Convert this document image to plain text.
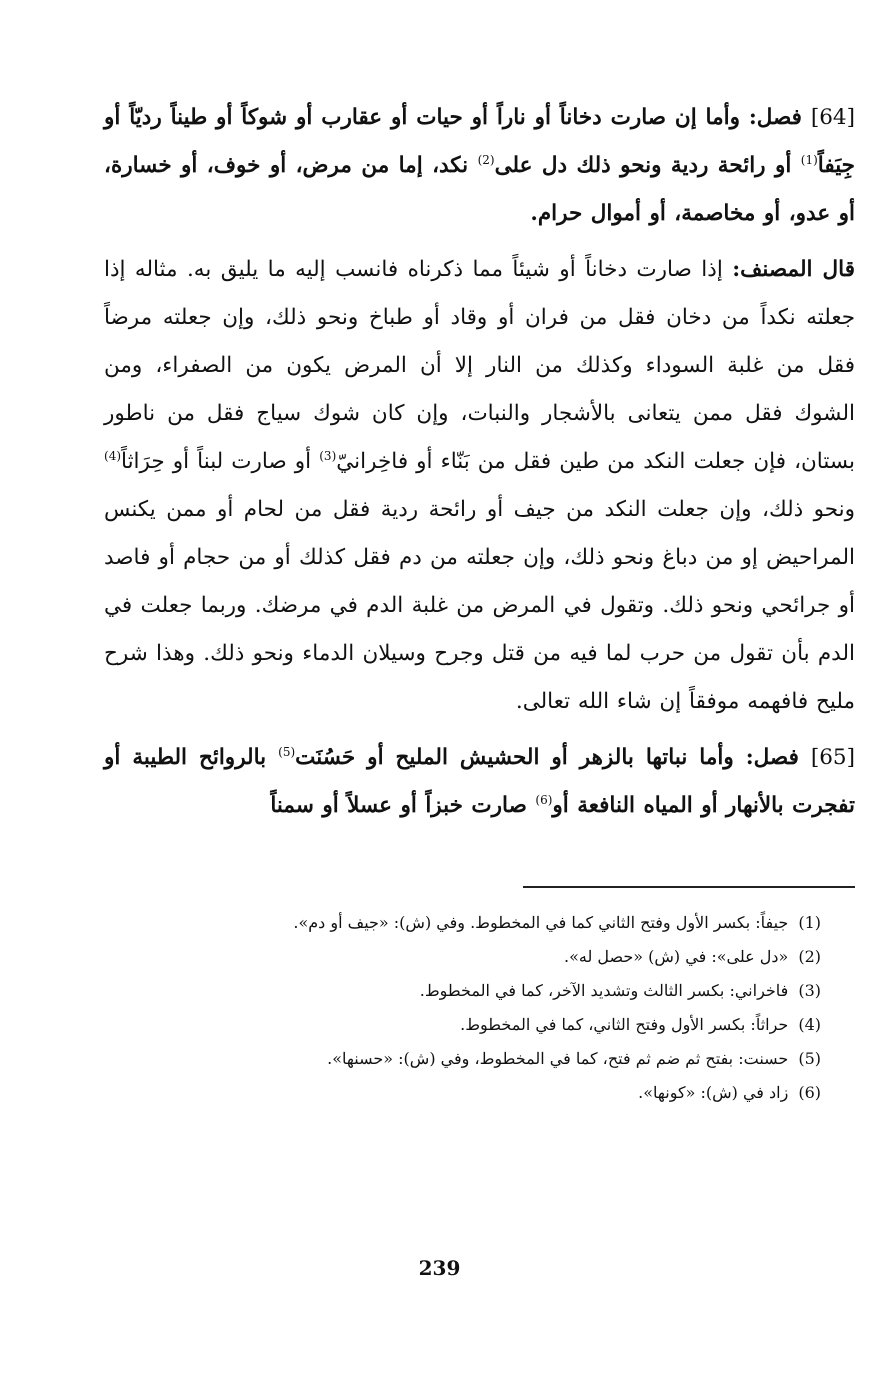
[64] فصل: وأما إن صارت دخاناً أو ناراً أو حيات أو عقارب أو شوكاً أو طيناً رديّاً أو جِيَفاً$^{(1)}$ أو رائحة ردية ونحو ذلك دل على$^{(2)}$ نكد، إما من مرض، أو خوف، أو خسارة، أو عدو، أو مخاصمة، أو أموال حرام.

قال المصنف: إذا صارت دخاناً أو شيئاً مما ذكرناه فانسب إليه ما يليق به. مثاله إذا جعلته نكداً من دخان فقل من فران أو وقاد أو طباخ ونحو ذلك، وإن جعلته مرضاً فقل من غلبة السوداء وكذلك من النار إلا أن المرض يكون من الصفراء، ومن الشوك فقل ممن يتعانى بالأشجار والنبات، وإن كان شوك سياج فقل من ناطور بستان، فإن جعلت النكد من طين فقل من بَنّاء أو فاخِرانيّ$^{(3)}$ أو صارت لبناً أو حِرَاثاً$^{(4)}$ ونحو ذلك، وإن جعلت النكد من جيف أو رائحة ردية فقل من لحام أو ممن يكنس المراحيض إو من دباغ ونحو ذلك، وإن جعلته من دم فقل كذلك أو من حجام أو فاصد أو جرائحي ونحو ذلك. وتقول في المرض من غلبة الدم في مرضك. وربما جعلت في الدم بأن تقول من حرب لما فيه من قتل وجرح وسيلان الدماء ونحو ذلك. وهذا شرح مليح فافهمه موفقاً إن شاء الله تعالى.

[65] فصل: وأما نباتها بالزهر أو الحشيش المليح أو حَسُنَت$^{(5)}$ بالروائح الطيبة أو تفجرت بالأنهار أو المياه النافعة أو$^{(6)}$ صارت خبزاً أو عسلاً أو سمناً

(1)جيفاً: بكسر الأول وفتح الثاني كما في المخطوط. وفي (ش): «جيف أو دم».
(2)«دل على»: في (ش) «حصل له».
(3)فاخراني: بكسر الثالث وتشديد الآخر، كما في المخطوط.
(4)حراثاً: بكسر الأول وفتح الثاني، كما في المخطوط.
(5)حسنت: بفتح ثم ضم ثم فتح، كما في المخطوط، وفي (ش): «حسنها».
(6)زاد في (ش): «كونها».
239
